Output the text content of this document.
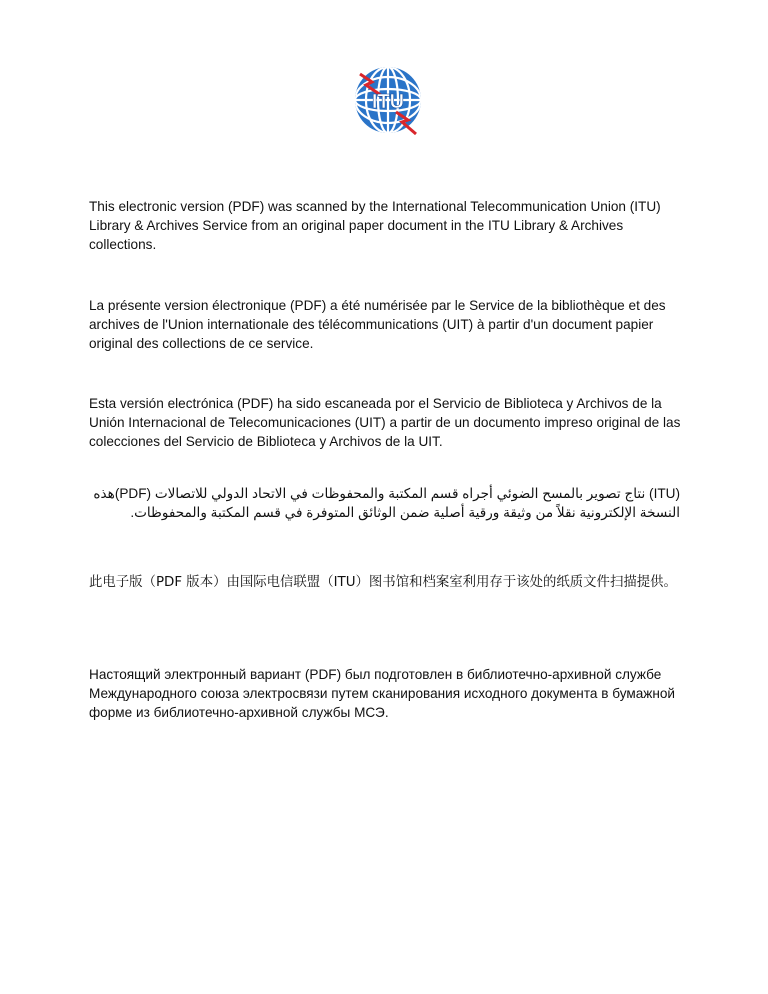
ITU

This electronic version (PDF) was scanned by the International Telecommunication Union (ITU) Library & Archives Service from an original paper document in the ITU Library & Archives collections.

La présente version électronique (PDF) a été numérisée par le Service de la bibliothèque et des archives de l'Union internationale des télécommunications (UIT) à partir d'un document papier original des collections de ce service.

Esta versión electrónica (PDF) ha sido escaneada por el Servicio de Biblioteca y Archivos de la Unión Internacional de Telecomunicaciones (UIT) a partir de un documento impreso original de las colecciones del Servicio de Biblioteca y Archivos de la UIT.

(ITU) نتاج تصوير بالمسح الضوئي أجراه قسم المكتبة والمحفوظات في الاتحاد الدولي للاتصالات (PDF)هذه النسخة الإلكترونية نقلاً من وثيقة ورقية أصلية ضمن الوثائق المتوفرة في قسم المكتبة والمحفوظات.

此电子版（PDF 版本）由国际电信联盟（ITU）图书馆和档案室利用存于该处的纸质文件扫描提供。

Настоящий электронный вариант (PDF) был подготовлен в библиотечно-архивной службе Международного союза электросвязи путем сканирования исходного документа в бумажной форме из библиотечно-архивной службы МСЭ.
